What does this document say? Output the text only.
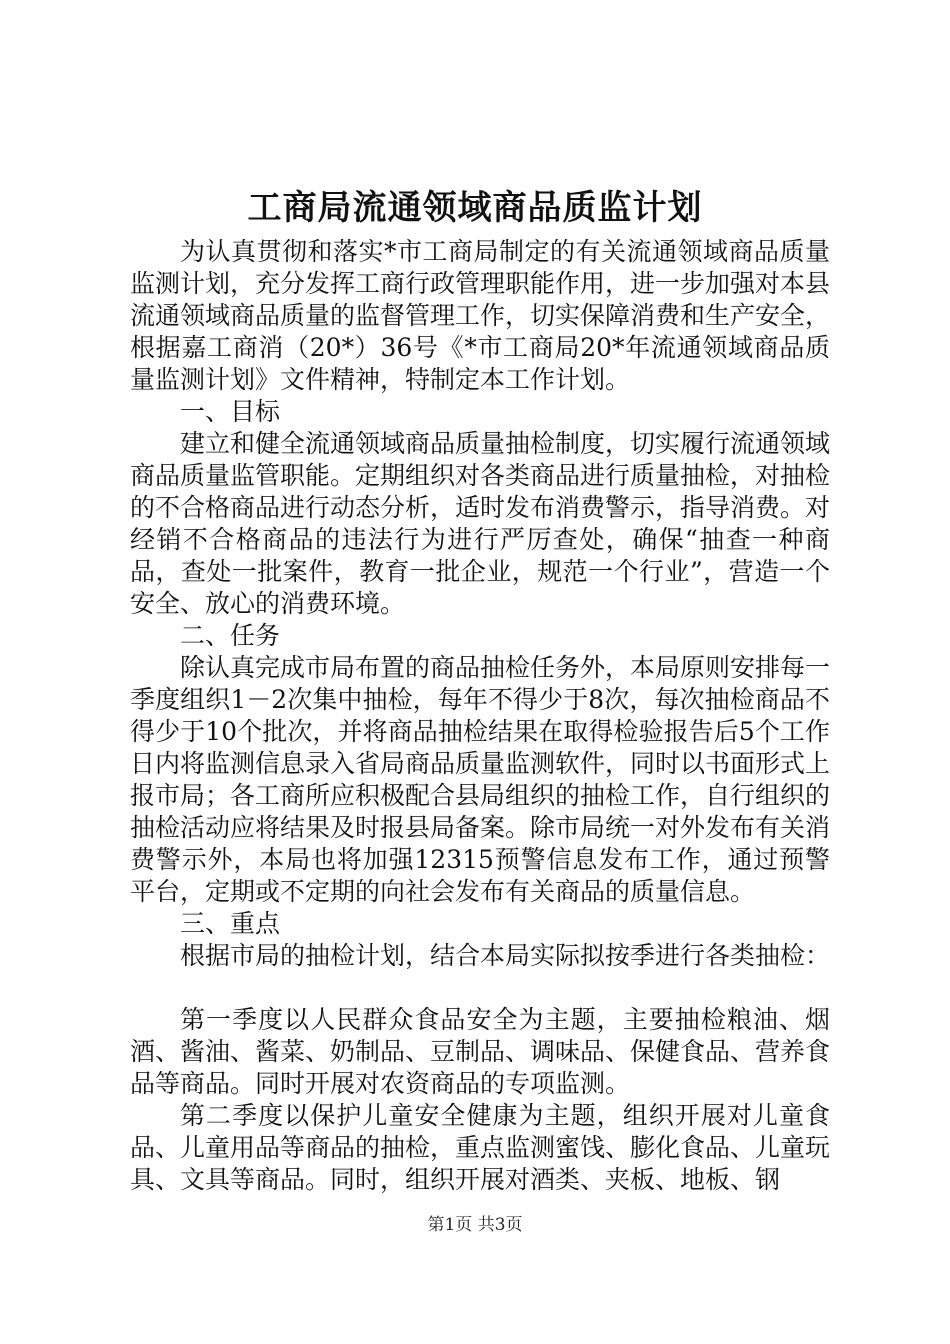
工商局流通领域商品质监计划

为认真贯彻和落实*市工商局制定的有关流通领域商品质量监测计划，充分发挥工商行政管理职能作用，进一步加强对本县流通领域商品质量的监督管理工作，切实保障消费和生产安全，根据嘉工商消（20*）36号《*市工商局20*年流通领域商品质量监测计划》文件精神，特制定本工作计划。

一、目标

建立和健全流通领域商品质量抽检制度，切实履行流通领域商品质量监管职能。定期组织对各类商品进行质量抽检，对抽检的不合格商品进行动态分析，适时发布消费警示，指导消费。对经销不合格商品的违法行为进行严厉查处，确保“抽查一种商品，查处一批案件，教育一批企业，规范一个行业”，营造一个安全、放心的消费环境。

二、任务

除认真完成市局布置的商品抽检任务外，本局原则安排每一季度组织1－2次集中抽检，每年不得少于8次，每次抽检商品不得少于10个批次，并将商品抽检结果在取得检验报告后5个工作日内将监测信息录入省局商品质量监测软件，同时以书面形式上报市局；各工商所应积极配合县局组织的抽检工作，自行组织的抽检活动应将结果及时报县局备案。除市局统一对外发布有关消费警示外，本局也将加强12315预警信息发布工作，通过预警平台，定期或不定期的向社会发布有关商品的质量信息。

三、重点

根据市局的抽检计划，结合本局实际拟按季进行各类抽检：

第一季度以人民群众食品安全为主题，主要抽检粮油、烟酒、酱油、酱菜、奶制品、豆制品、调味品、保健食品、营养食品等商品。同时开展对农资商品的专项监测。

第二季度以保护儿童安全健康为主题，组织开展对儿童食品、儿童用品等商品的抽检，重点监测蜜饯、膨化食品、儿童玩具、文具等商品。同时，组织开展对酒类、夹板、地板、钢

第1页 共3页
